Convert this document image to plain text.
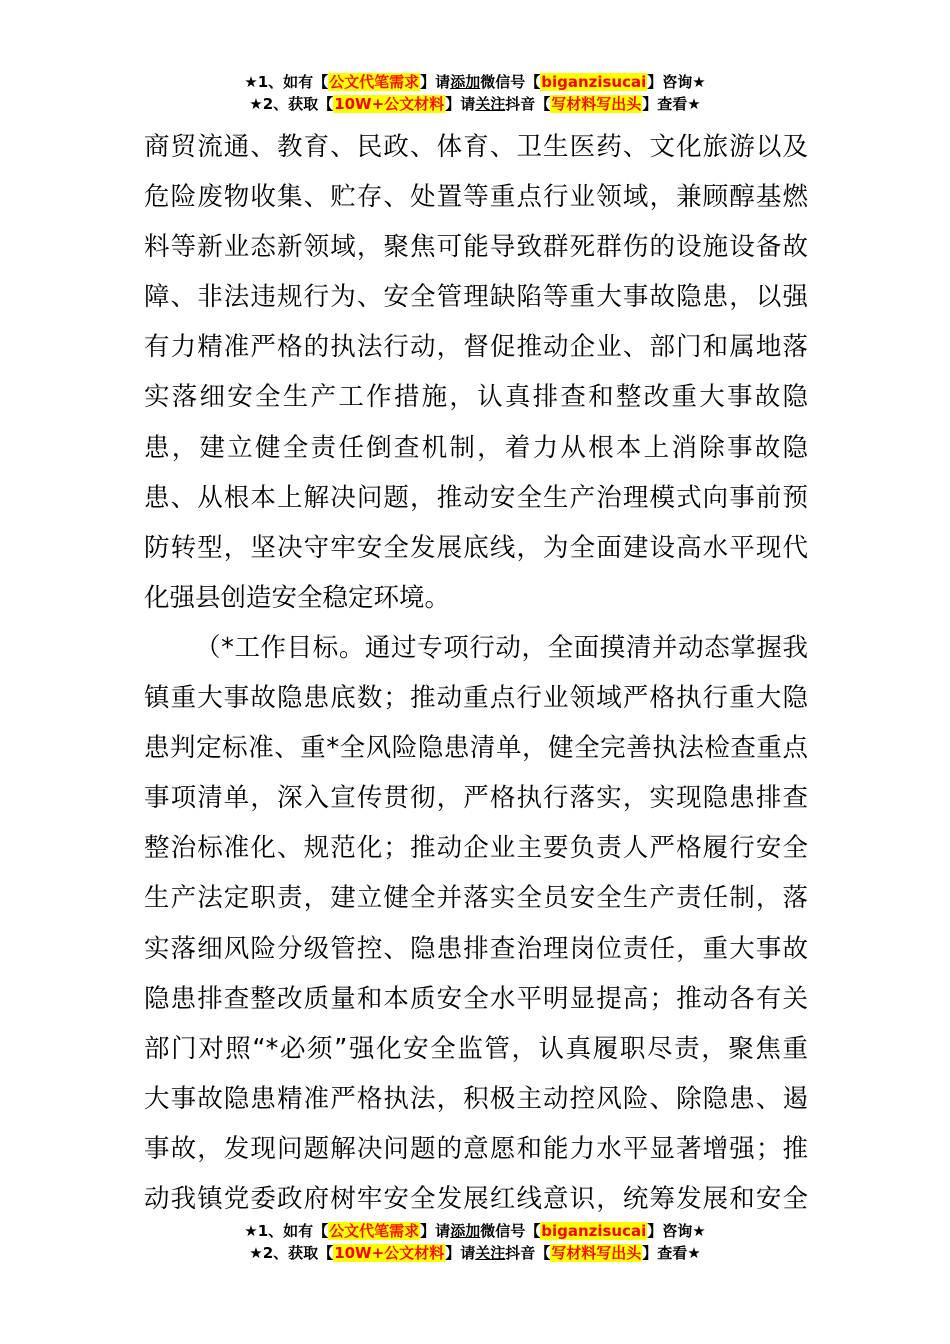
★1、如有【公文代笔需求】请添加微信号【biganzisucai】咨询★
★2、获取【10W+公文材料】请关注抖音【写材料写出头】查看★
商贸流通、教育、民政、体育、卫生医药、文化旅游以及
危险废物收集、贮存、处置等重点行业领域，兼顾醇基燃
料等新业态新领域，聚焦可能导致群死群伤的设施设备故
障、非法违规行为、安全管理缺陷等重大事故隐患，以强
有力精准严格的执法行动，督促推动企业、部门和属地落
实落细安全生产工作措施，认真排查和整改重大事故隐
患，建立健全责任倒查机制，着力从根本上消除事故隐
患、从根本上解决问题，推动安全生产治理模式向事前预
防转型，坚决守牢安全发展底线，为全面建设高水平现代
化强县创造安全稳定环境。
（*工作目标。通过专项行动，全面摸清并动态掌握我
镇重大事故隐患底数；推动重点行业领域严格执行重大隐
患判定标准、重*全风险隐患清单，健全完善执法检查重点
事项清单，深入宣传贯彻，严格执行落实，实现隐患排查
整治标准化、规范化；推动企业主要负责人严格履行安全
生产法定职责，建立健全并落实全员安全生产责任制，落
实落细风险分级管控、隐患排查治理岗位责任，重大事故
隐患排查整改质量和本质安全水平明显提高；推动各有关
部门对照“*必须”强化安全监管，认真履职尽责，聚焦重
大事故隐患精准严格执法，积极主动控风险、除隐患、遏
事故，发现问题解决问题的意愿和能力水平显著增强；推
动我镇党委政府树牢安全发展红线意识，统筹发展和安全
★1、如有【公文代笔需求】请添加微信号【biganzisucai】咨询★
★2、获取【10W+公文材料】请关注抖音【写材料写出头】查看★
